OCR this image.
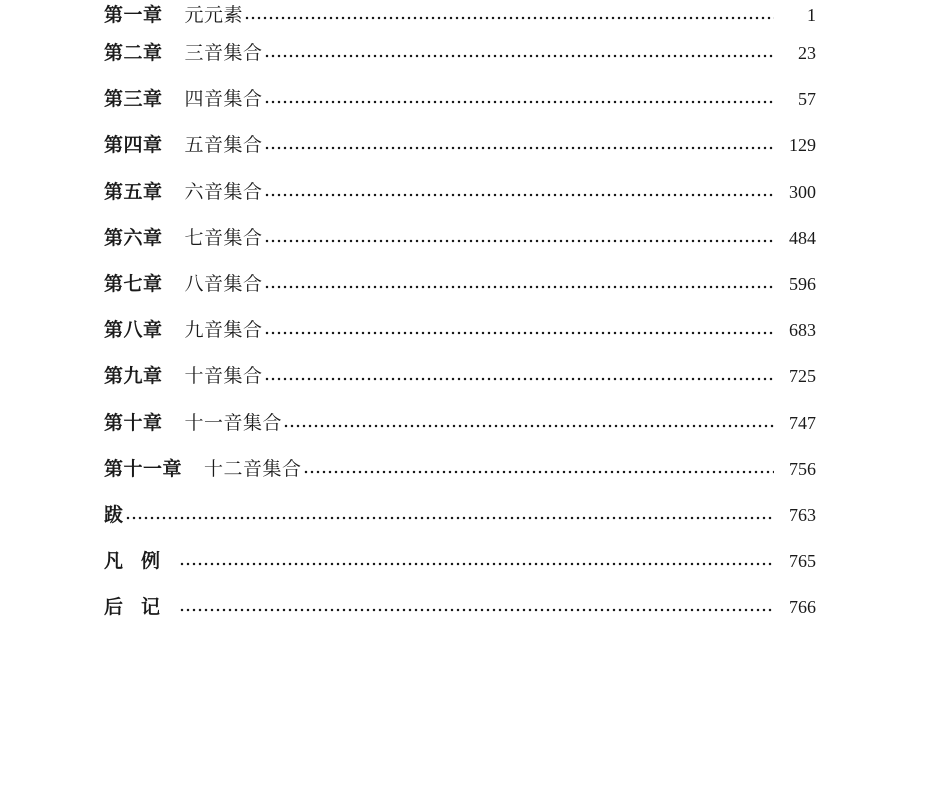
第一章 元元素	1
第二章 三音集合	23
第三章 四音集合	57
第四章 五音集合	129
第五章 六音集合	300
第六章 七音集合	484
第七章 八音集合	596
第八章 九音集合	683
第九章 十音集合	725
第十章 十一音集合	747
第十一章 十二音集合	756
跋	763
凡例	765
后记	766
